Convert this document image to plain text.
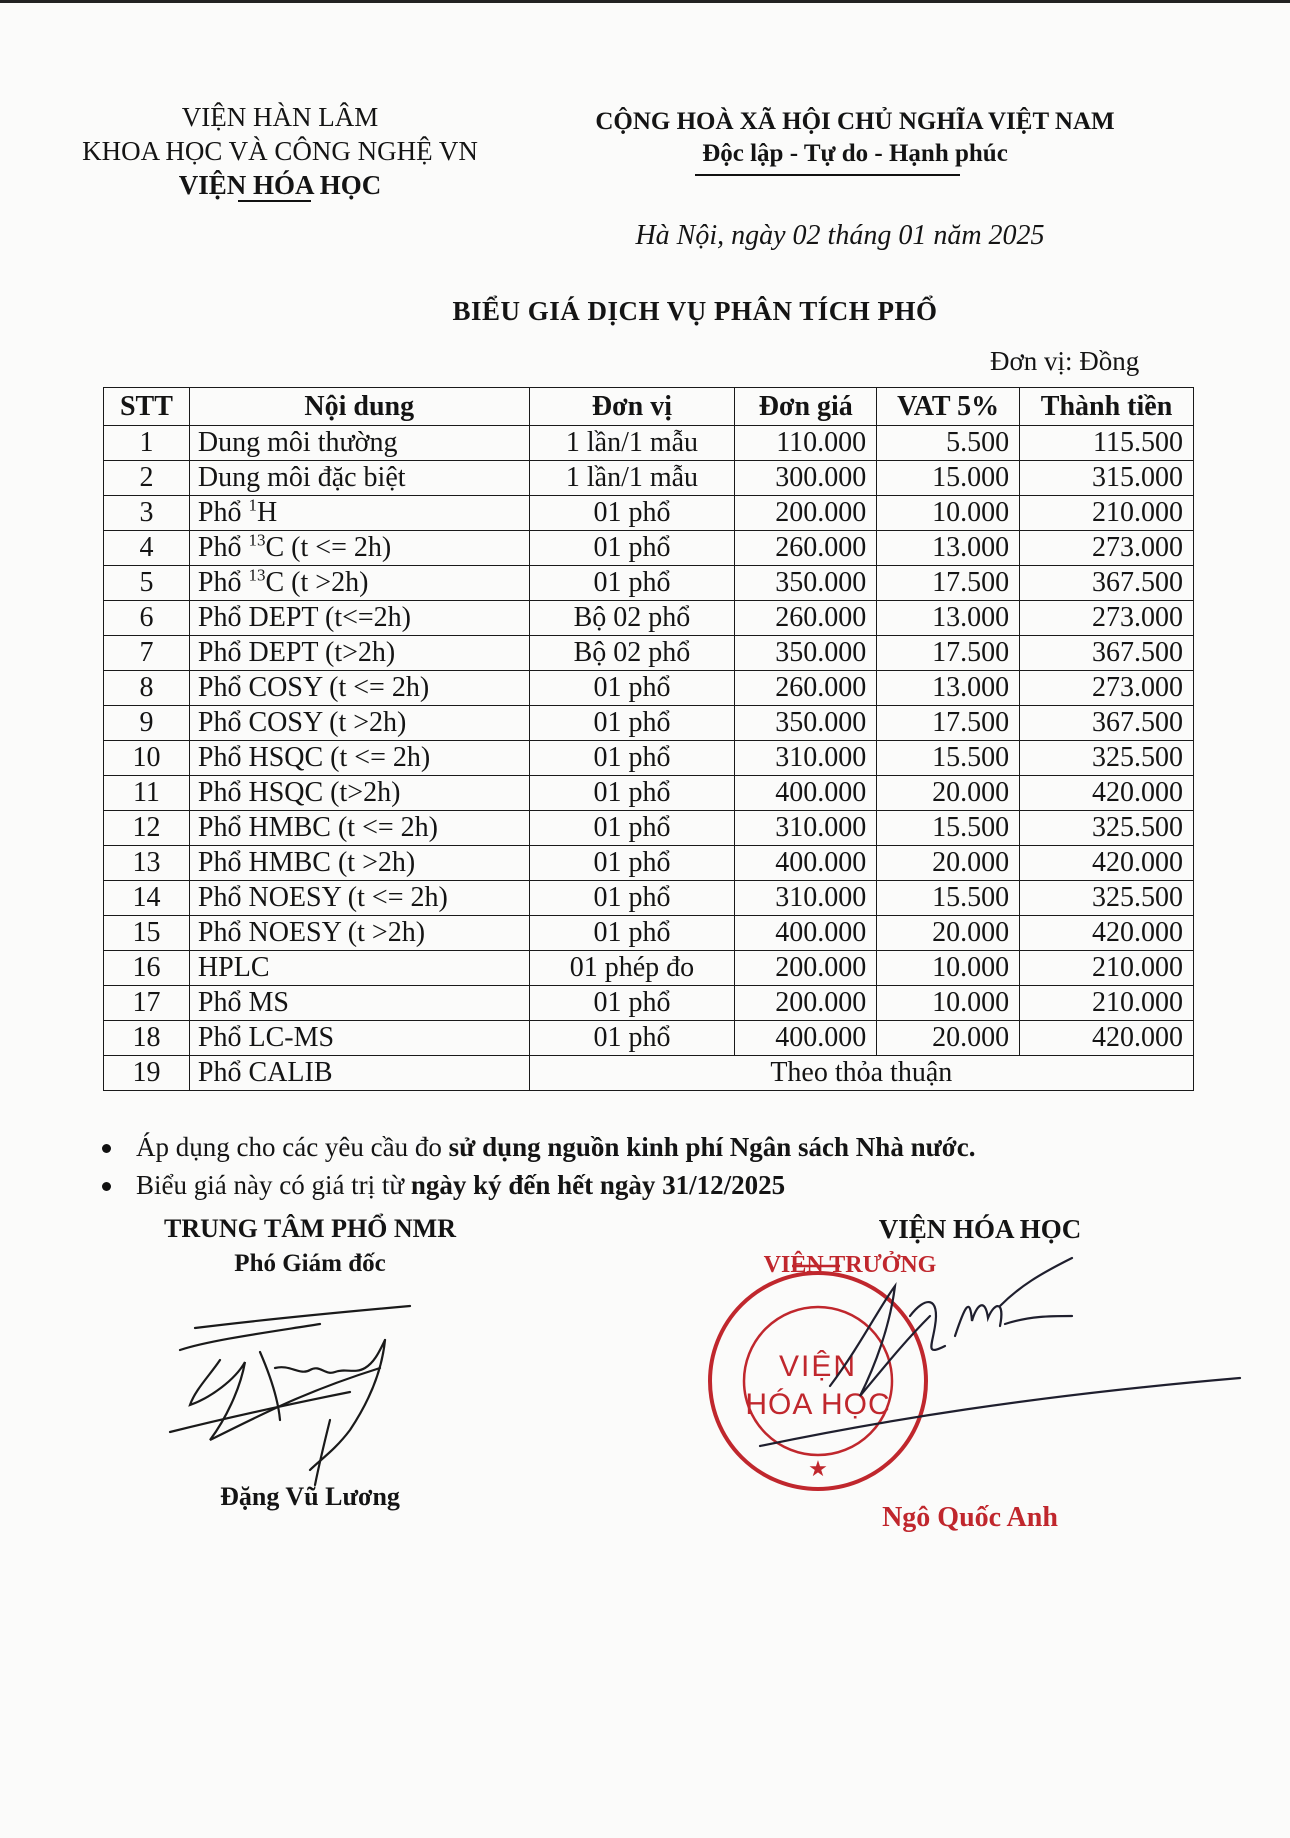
VIỆN HÀN LÂM
KHOA HỌC VÀ CÔNG NGHỆ VN
VIỆN HÓA HỌC
CỘNG HOÀ XÃ HỘI CHỦ NGHĨA VIỆT NAM
Độc lập - Tự do - Hạnh phúc
Hà Nội, ngày 02 tháng 01 năm 2025
BIỂU GIÁ DỊCH VỤ PHÂN TÍCH PHỔ
Đơn vị: Đồng
STT	Nội dung	Đơn vị	Đơn giá	VAT 5%	Thành tiền
1	Dung môi thường	1 lần/1 mẫu	110.000	5.500	115.500
2	Dung môi đặc biệt	1 lần/1 mẫu	300.000	15.000	315.000
3	Phổ $^1$H	01 phổ	200.000	10.000	210.000
4	Phổ $^{13}$C (t <= 2h)	01 phổ	260.000	13.000	273.000
5	Phổ $^{13}$C (t >2h)	01 phổ	350.000	17.500	367.500
6	Phổ DEPT (t<=2h)	Bộ 02 phổ	260.000	13.000	273.000
7	Phổ DEPT (t>2h)	Bộ 02 phổ	350.000	17.500	367.500
8	Phổ COSY (t <= 2h)	01 phổ	260.000	13.000	273.000
9	Phổ COSY (t >2h)	01 phổ	350.000	17.500	367.500
10	Phổ HSQC (t <= 2h)	01 phổ	310.000	15.500	325.500
11	Phổ HSQC (t>2h)	01 phổ	400.000	20.000	420.000
12	Phổ HMBC (t <= 2h)	01 phổ	310.000	15.500	325.500
13	Phổ HMBC (t >2h)	01 phổ	400.000	20.000	420.000
14	Phổ NOESY (t <= 2h)	01 phổ	310.000	15.500	325.500
15	Phổ NOESY (t >2h)	01 phổ	400.000	20.000	420.000
16	HPLC	01 phép đo	200.000	10.000	210.000
17	Phổ MS	01 phổ	200.000	10.000	210.000
18	Phổ LC-MS	01 phổ	400.000	20.000	420.000
19	Phổ CALIB	Theo thỏa thuận			
Áp dụng cho các yêu cầu đo sử dụng nguồn kinh phí Ngân sách Nhà nước.
Biểu giá này có giá trị từ ngày ký đến hết ngày 31/12/2025
TRUNG TÂM PHỔ NMR
Phó Giám đốc
Đặng Vũ Lương
VIỆN HÓA HỌC
VIỆN
HÓA HỌC
★
VIỆN TRƯỞNG
Ngô Quốc Anh
